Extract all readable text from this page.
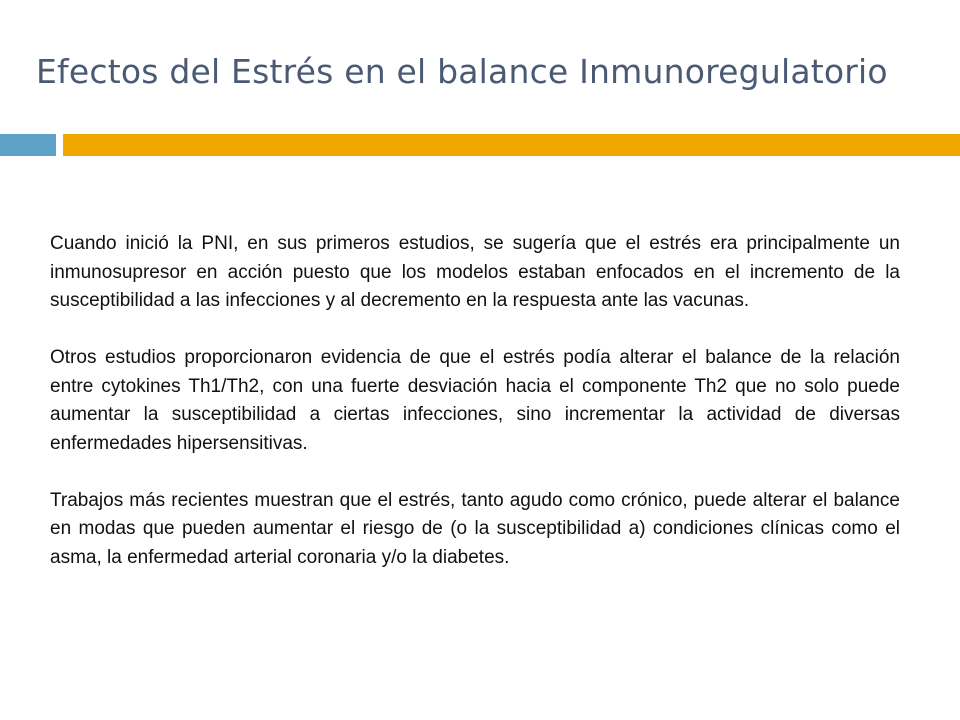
Efectos del Estrés en el balance Inmunoregulatorio

Cuando inició la PNI, en sus primeros estudios, se sugería que el estrés era principalmente un inmunosupresor en acción puesto que los modelos estaban enfocados en el incremento de la susceptibilidad a las infecciones y al decremento en la respuesta ante las vacunas.

Otros estudios proporcionaron evidencia de que el estrés podía alterar el balance de la relación entre cytokines Th1/Th2, con una fuerte desviación hacia el componente Th2 que no solo puede aumentar la susceptibilidad a ciertas infecciones, sino incrementar la actividad de diversas enfermedades hipersensitivas.

Trabajos más recientes muestran que el estrés, tanto agudo como crónico, puede alterar el balance en modas que pueden aumentar el riesgo de (o la susceptibilidad a) condiciones clínicas como el asma, la enfermedad arterial coronaria y/o la diabetes.
